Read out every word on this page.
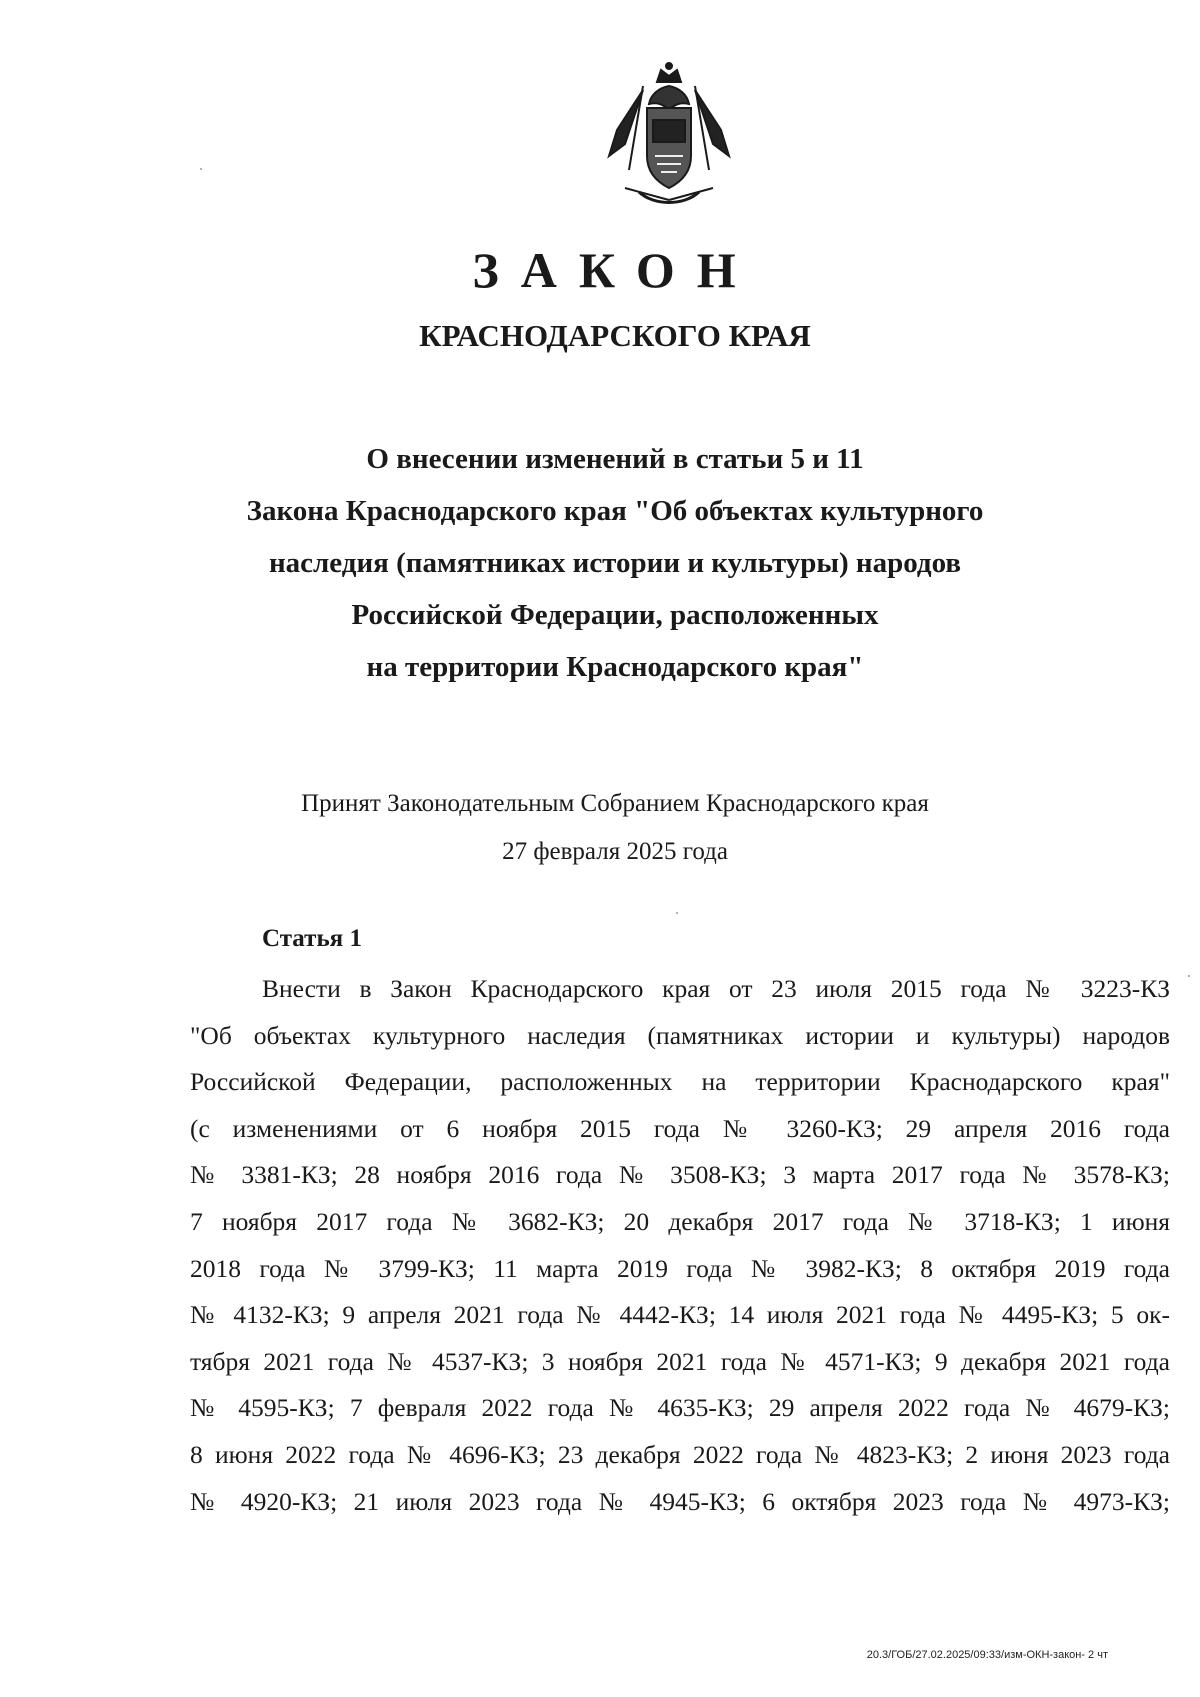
ЗАКОН
КРАСНОДАРСКОГО КРАЯ
О внесении изменений в статьи 5 и 11
Закона Краснодарского края "Об объектах культурного
наследия (памятниках истории и культуры) народов
Российской Федерации, расположенных
на территории Краснодарского края"
Принят Законодательным Собранием Краснодарского края
27 февраля 2025 года
Статья 1
Внести в Закон Краснодарского края от 23 июля 2015 года № 3223-КЗ
"Об объектах культурного наследия (памятниках истории и культуры) народов
Российской Федерации, расположенных на территории Краснодарского края"
(с изменениями от 6 ноября 2015 года № 3260-КЗ; 29 апреля 2016 года
№ 3381-КЗ; 28 ноября 2016 года № 3508-КЗ; 3 марта 2017 года № 3578-КЗ;
7 ноября 2017 года № 3682-КЗ; 20 декабря 2017 года № 3718-КЗ; 1 июня
2018 года № 3799-КЗ; 11 марта 2019 года № 3982-КЗ; 8 октября 2019 года
№ 4132-КЗ; 9 апреля 2021 года № 4442-КЗ; 14 июля 2021 года № 4495-КЗ; 5 ок-
тября 2021 года № 4537-КЗ; 3 ноября 2021 года № 4571-КЗ; 9 декабря 2021 года
№ 4595-КЗ; 7 февраля 2022 года № 4635-КЗ; 29 апреля 2022 года № 4679-КЗ;
8 июня 2022 года № 4696-КЗ; 23 декабря 2022 года № 4823-КЗ; 2 июня 2023 года
№ 4920-КЗ; 21 июля 2023 года № 4945-КЗ; 6 октября 2023 года № 4973-КЗ;
20.3/ГОБ/27.02.2025/09:33/изм-ОКН-закон- 2 чт
